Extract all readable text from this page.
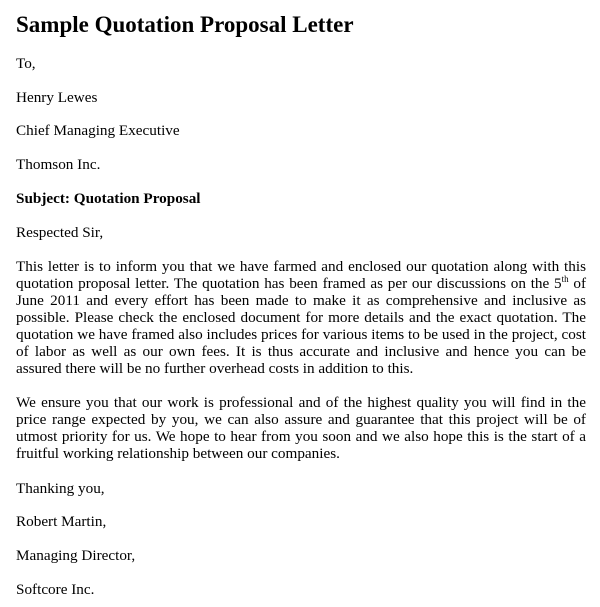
Sample Quotation Proposal Letter

To,

Henry Lewes

Chief Managing Executive

Thomson Inc.

Subject: Quotation Proposal

Respected Sir,

This letter is to inform you that we have farmed and enclosed our quotation along with this quotation proposal letter. The quotation has been framed as per our discussions on the 5th of June 2011 and every effort has been made to make it as comprehensive and inclusive as possible. Please check the enclosed document for more details and the exact quotation. The quotation we have framed also includes prices for various items to be used in the project, cost of labor as well as our own fees. It is thus accurate and inclusive and hence you can be assured there will be no further overhead costs in addition to this.

We ensure you that our work is professional and of the highest quality you will find in the price range expected by you, we can also assure and guarantee that this project will be of utmost priority for us. We hope to hear from you soon and we also hope this is the start of a fruitful working relationship between our companies.

Thanking you,

Robert Martin,

Managing Director,

Softcore Inc.
